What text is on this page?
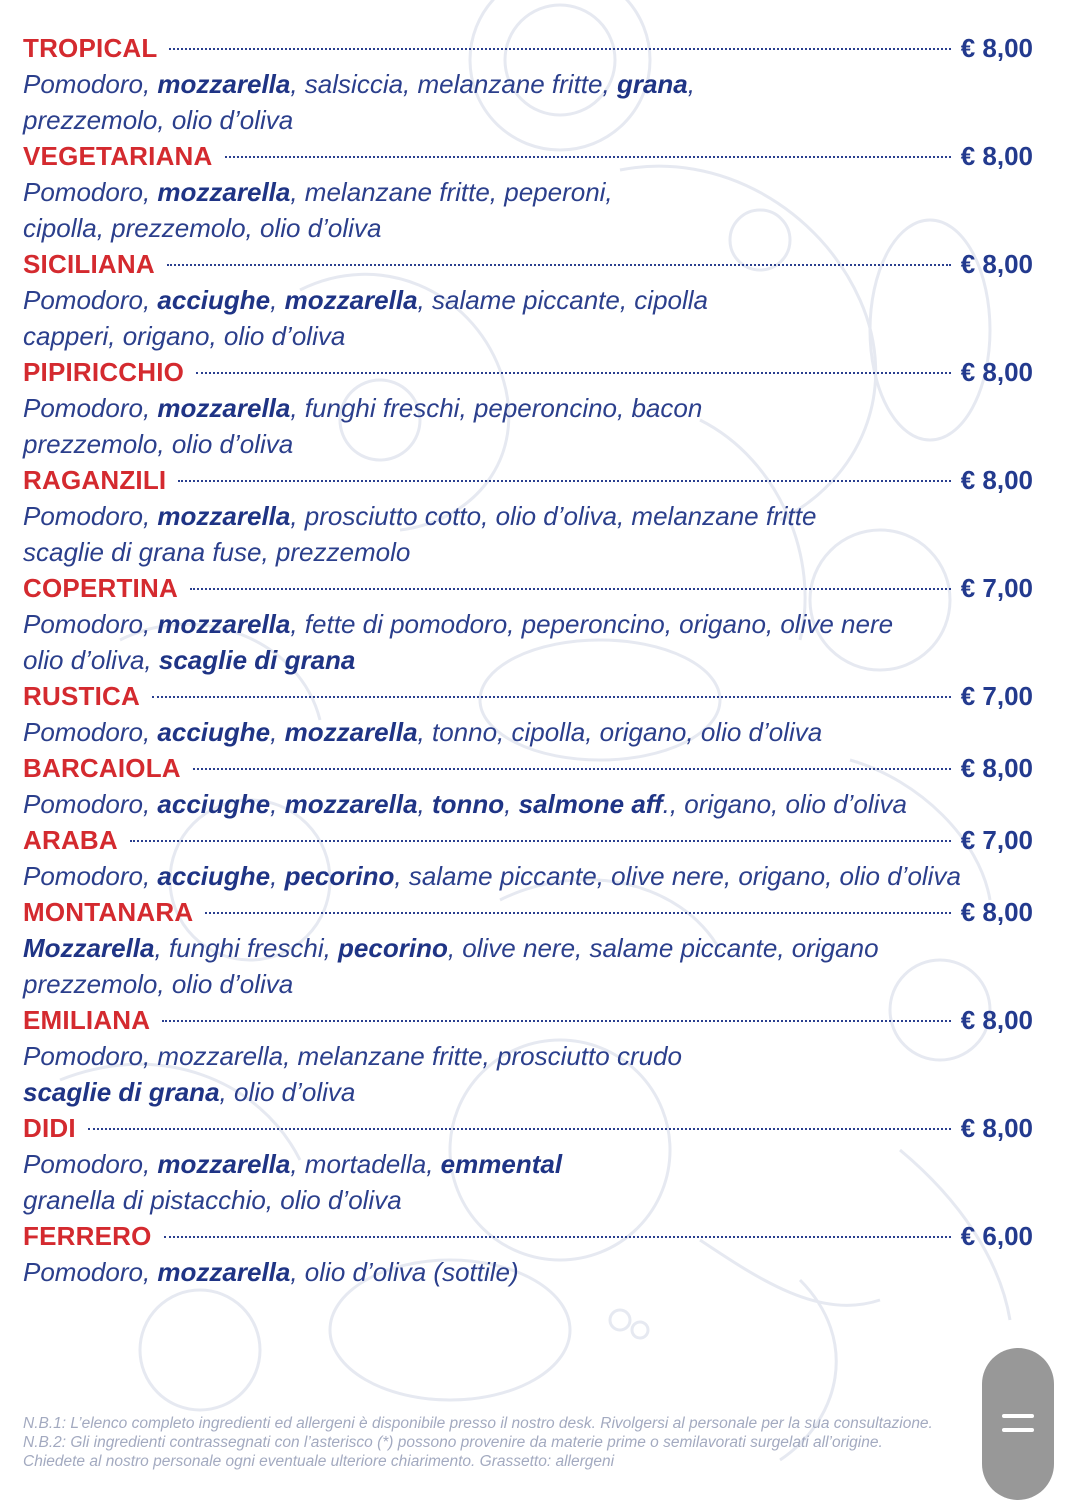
TROPICAL	€ 8,00
Pomodoro, mozzarella, salsiccia, melanzane fritte, grana,
prezzemolo, olio d’oliva
VEGETARIANA	€ 8,00
Pomodoro, mozzarella, melanzane fritte, peperoni,
cipolla, prezzemolo, olio d’oliva
SICILIANA	€ 8,00
Pomodoro, acciughe, mozzarella, salame piccante, cipolla
capperi, origano, olio d’oliva
PIPIRICCHIO	€ 8,00
Pomodoro, mozzarella, funghi freschi, peperoncino, bacon
prezzemolo, olio d’oliva
RAGANZILI	€ 8,00
Pomodoro, mozzarella, prosciutto cotto, olio d’oliva, melanzane fritte
scaglie di grana fuse, prezzemolo
COPERTINA	€ 7,00
Pomodoro, mozzarella, fette di pomodoro, peperoncino, origano, olive nere
olio d’oliva, scaglie di grana
RUSTICA	€ 7,00
Pomodoro, acciughe, mozzarella, tonno, cipolla, origano, olio d’oliva
BARCAIOLA	€ 8,00
Pomodoro, acciughe, mozzarella, tonno, salmone aff., origano, olio d’oliva
ARABA	€ 7,00
Pomodoro, acciughe, pecorino, salame piccante, olive nere, origano, olio d’oliva
MONTANARA	€ 8,00
Mozzarella, funghi freschi, pecorino, olive nere, salame piccante, origano
prezzemolo, olio d’oliva
EMILIANA	€ 8,00
Pomodoro, mozzarella, melanzane fritte, prosciutto crudo
scaglie di grana, olio d’oliva
DIDI	€ 8,00
Pomodoro, mozzarella, mortadella, emmental
granella di pistacchio, olio d’oliva
FERRERO	€ 6,00
Pomodoro, mozzarella, olio d’oliva (sottile)
N.B.1: L’elenco completo ingredienti ed allergeni è disponibile presso il nostro desk. Rivolgersi al personale per la sua consultazione.
N.B.2: Gli ingredienti contrassegnati con l’asterisco (*) possono provenire da materie prime o semilavorati surgelati all’origine.
Chiedete al nostro personale ogni eventuale ulteriore chiarimento. Grassetto: allergeni
